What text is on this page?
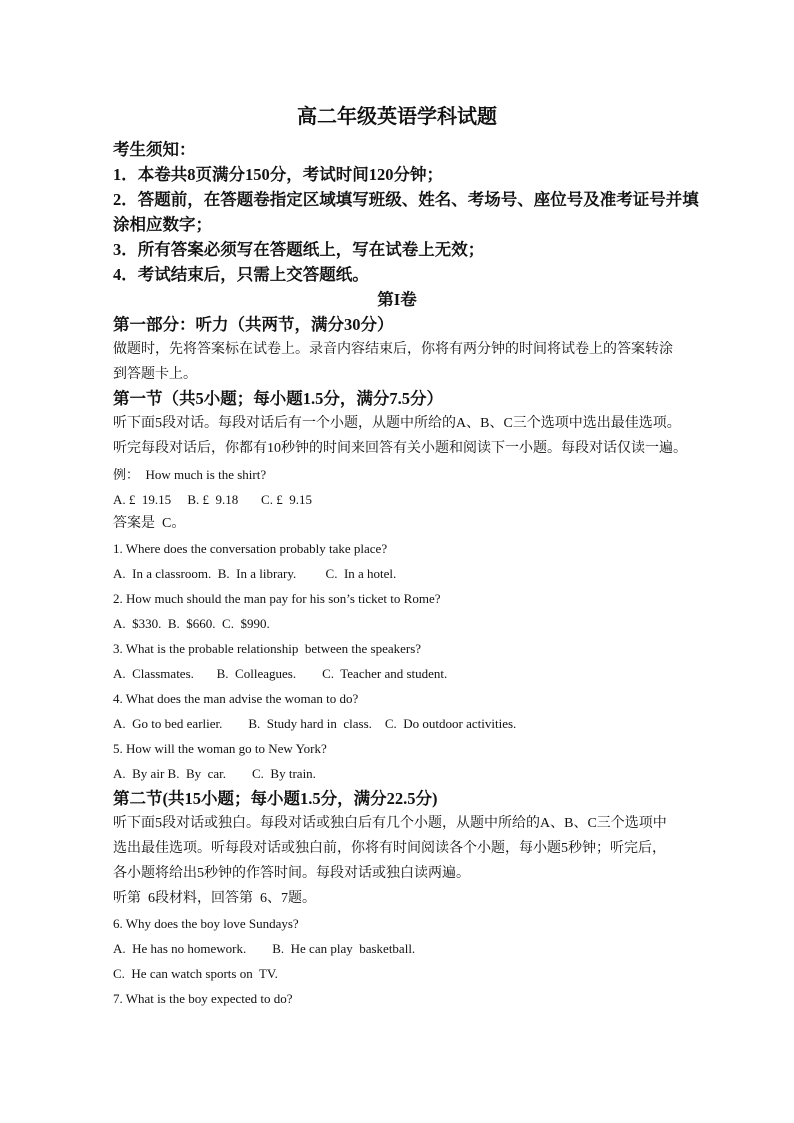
高二年级英语学科试题
考生须知：
1．本卷共8页满分150分，考试时间120分钟；
2．答题前，在答题卷指定区域填写班级、姓名、考场号、座位号及准考证号并填
涂相应数字；
3．所有答案必须写在答题纸上，写在试卷上无效；
4．考试结束后，只需上交答题纸。
第I卷
第一部分：听力（共两节，满分30分）
做题时，先将答案标在试卷上。录音内容结束后，你将有两分钟的时间将试卷上的答案转涂
到答题卡上。
第一节（共5小题；每小题1.5分，满分7.5分）
听下面5段对话。每段对话后有一个小题，从题中所给的A、B、C三个选项中选出最佳选项。
听完每段对话后，你都有10秒钟的时间来回答有关小题和阅读下一小题。每段对话仅读一遍。
例：  How much is the shirt?
A. £  19.15     B. £  9.18       C. £  9.15
答案是  C。
1. Where does the conversation probably take place?
A.  In a classroom.  B.  In a library.         C.  In a hotel.
2. How much should the man pay for his son’s ticket to Rome?
A.  $330.  B.  $660.  C.  $990.
3. What is the probable relationship  between the speakers?
A.  Classmates.       B.  Colleagues.        C.  Teacher and student.
4. What does the man advise the woman to do?
A.  Go to bed earlier.        B.  Study hard in  class.    C.  Do outdoor activities.
5. How will the woman go to New York?
A.  By air B.  By  car.        C.  By train.
第二节(共15小题；每小题1.5分，满分22.5分)
听下面5段对话或独白。每段对话或独白后有几个小题，从题中所给的A、B、C三个选项中
选出最佳选项。听每段对话或独白前，你将有时间阅读各个小题，每小题5秒钟；听完后，
各小题将给出5秒钟的作答时间。每段对话或独白读两遍。
听第  6段材料，回答第  6、7题。
6. Why does the boy love Sundays?
A.  He has no homework.        B.  He can play  basketball.
C.  He can watch sports on  TV.
7. What is the boy expected to do?
